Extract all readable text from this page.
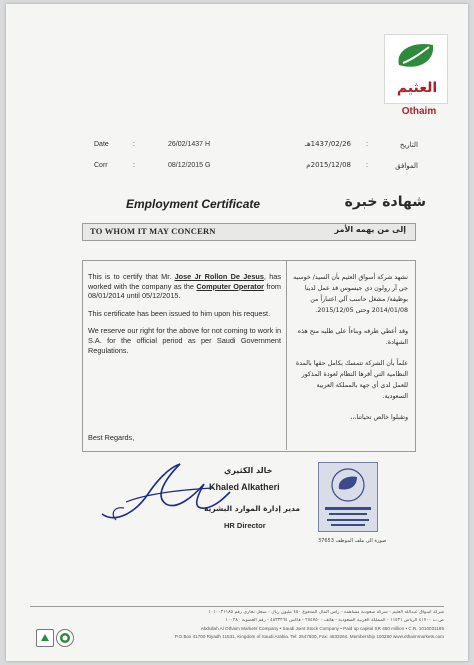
العثيم
Othaim
Date	:	26/02/1437 H
Corr	:	08/12/2015 G
1437/02/26هـ :	التاريخ
2015/12/08م :	الموافق
Employment Certificate	شهادة خبرة
TO WHOM IT MAY CONCERN	إلى من يهمه الأمر

This is to certify that Mr. Jose Jr Rollon De Jesus, has worked with the company as the Computer Operator from 08/01/2014 until 05/12/2015.

This certificate has been issued to him upon his request.

We reserve our right for the above for not coming to work in S.A. for the official period as per Saudi Government Regulations.

Best Regards,

نشهد شركة أسواق العثيم بأن السيد/ خوسيه جي آر رولون دي جيسوس قد عمل لدينا بوظيفة/ مشغل حاسب آلي اعتباراً من 2014/01/08 وحتى 2015/12/05.

وقد أعطي طرفه وبناءاً على طلبه منح هذه الشهادة.

علماً بأن الشركة تتمسك بكامل حقها بالمدة النظامية التي أقرها النظام لعودة المذكور للعمل لدى أي جهة بالمملكة العربية السعودية.

وتقبلوا خالص تحياتنا،،،

خالد الكثيري
Khaled Alkatheri
مدير إدارة الموارد البشرية
HR Director
صورة الى ملف الموظف 37653
شركة أسواق عبدالله العثيم - شركة سعودية مساهمة - رأس المال المدفوع ٤٥٠ مليون ريال - سجل تجاري رقم ١٠١٠٠٣١١٨٥
ص.ب ٤١٧٠٠ الرياض ١١٥٣١ - المملكة العربية السعودية - هاتف ٢٥٤٧٥٠٠ - فاكس ٤٨٣٣٢٦٤ - رقم العضوية ١٠٠٢٨٠
Abdullah Al Othaim Markets Company • Saudi Joint Stock Company • Paid up capital SR 450 million • C.R. 1010031185
P.O.Box 41700 Riyadh 11531, Kingdom of Saudi Arabia. Tel: 2547500, Fax: 4833264. Membership 100280 www.othaimmarkets.com
